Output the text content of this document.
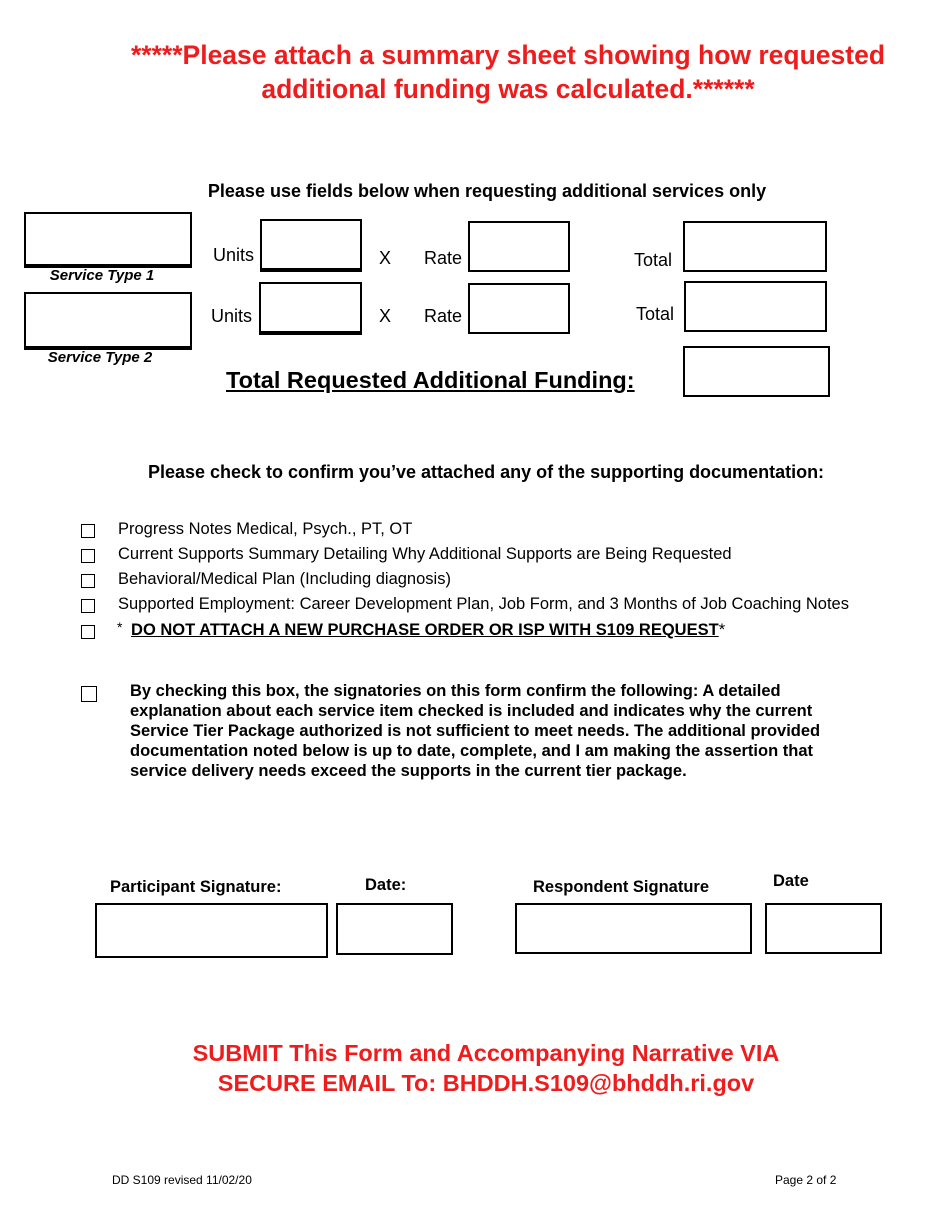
*****Please attach a summary sheet showing how requested
additional funding was calculated.******
Please use fields below when requesting additional services only
Service Type 1
Units	X Rate	Total
Service Type 2
Units	X Rate	Total
Total Requested Additional Funding:
Please check to confirm you’ve attached any of the supporting documentation:
Progress Notes Medical, Psych., PT, OT
Current Supports Summary Detailing Why Additional Supports are Being Requested
Behavioral/Medical Plan (Including diagnosis)
Supported Employment: Career Development Plan, Job Form, and 3 Months of Job Coaching Notes
* DO NOT ATTACH A NEW PURCHASE ORDER OR ISP WITH S109 REQUEST*
By checking this box, the signatories on this form confirm the following: A detailed
explanation about each service item checked is included and indicates why the current
Service Tier Package authorized is not sufficient to meet needs. The additional provided
documentation noted below is up to date, complete, and I am making the assertion that
service delivery needs exceed the supports in the current tier package.
Participant Signature:	Date:	Respondent Signature	Date
SUBMIT This Form and Accompanying Narrative VIA
SECURE EMAIL To: BHDDH.S109@bhddh.ri.gov
DD S109 revised 11/02/20	Page 2 of 2
